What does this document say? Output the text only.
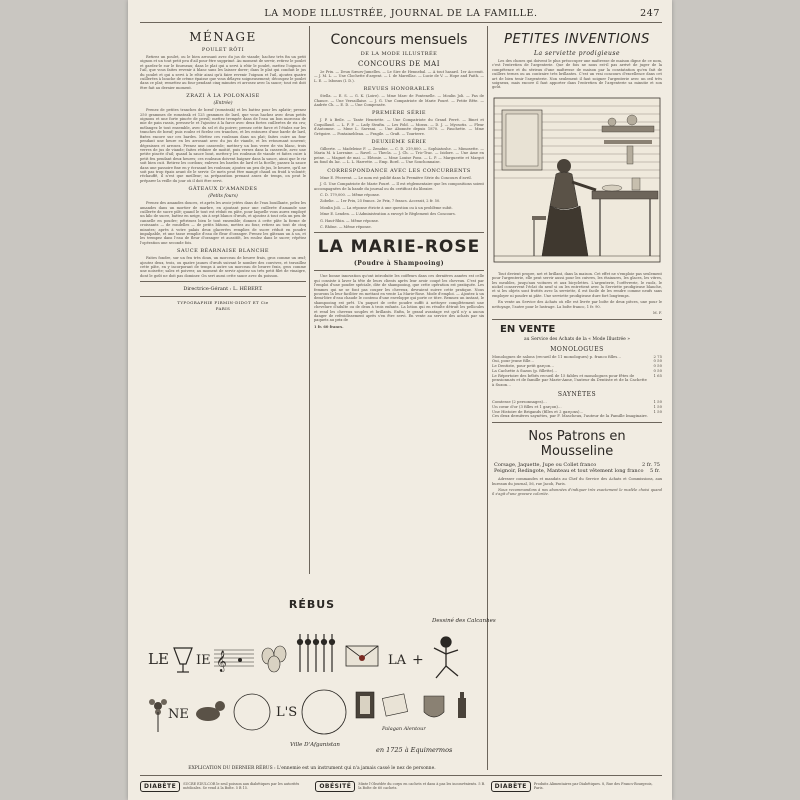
LA MODE ILLUSTRÉE, JOURNAL DE LA FAMILLE.	247
MÉNAGE
POULET RÔTI
Retirez un poulet, ou le bien arrosant avec du jus de viande; hachez très fin un petit oignon et un tout petit peu d'ail pour être supprimé. Au moment de servir, retirez le poulet et gardez-le sur le fourneau; dans le plat qui a servi à rôtir le poulet, mettez l'oignon et l'ail, que vous faites revenir à blanc sans les laisser dorer; dans le plat qui conduit le jus du poulet et qui a servi à le rôtir ainsi qu'à faire revenir l'oignon et l'ail, ajoutez quatre cuillerées à bouche de crème épaisse que vous délayez soigneusement; découpez le poulet dans ce plat; remettez au four pendant cinq minutes et arrosez avec la sauce; tout est doit être fait au dernier moment.
ZRAZI À LA POLONAISE
(Entrée)
Prenez de petites tranches de bœuf (romsteak) et les battez pour les aplatir; prenez 250 grammes de romsteak et 125 grammes de lard, que vous hachez avec deux petits oignons et une forte pincée de persil; mettez trempée dans de l'eau un bon morceau de mie de pain rassis, pressez-le et l'ajoutez à la farce avec deux fortes cuillerées de riz cru; mélangez le tout ensemble, avec du sel et du poivre; prenez cette farce et l'étalez sur les tranches de bœuf; puis roulez et ficelez ces tranches, et les entourez d'une barde de lard, fixées encore sur ces bardes. Mettez ces rouleaux dans un plat; faites cuire au four pendant une heure en les arrosant avec du jus de viande, et les retournant souvent; dégraissez et arrosez. Prenez une casserole; mettez-y un bon verre de vin blanc, trois verres de jus de viande; faites réduire de moitié, puis versez dans la casserole, avec une petite pincée d'ail; quand la sauce bout, mettez-y les rouleaux de viande et faites cuire à petit feu pendant deux heures; ces rouleaux doivent baigner dans la sauce, ainsi que le riz soit bien cuit. Retirez les cordons; enlevez les bardes de lard et la ficelle; passez la sauce dans une passoire fine en y écrasant les rouleaux; ajoutez un peu de jus, le beurre, qu'il ne soit pas trop épais avant de le servir. Ce mets peut être mangé chaud ou froid à volonté; réchauffé, il n'est que meilleur; sa préparation prenant assez de temps, on peut le préparer la veille du jour où il doit être servi.
GÂTEAUX D'AMANDES
(Petits fours)
Prenez des amandes douces, et après les avoir jetées dans de l'eau bouillante, pelez les amandes dans un mortier de marbre, en ajoutant pour une cuillerée d'amande une cuillerée de sucre pilé; quand le tout est réduit en pâte, pour laquelle vous aurez employé un kilo de sucre, battez en neige, six à sept blancs d'œufs, et ajoutez à tout cela un peu de cannelle en poudre; pétrissez bien le tout ensemble; donnez à cette pâte la forme de croissants — de rondelles — de petits bâtons, mettez au four, retirez au tout de cinq minutes; après à votre palais deux glacerées remplies de sucre réduit en poudre impalpable, et une tasse remplie d'eau de fleur d'oranger. Prenez les gâteaux un à un, et les trempez dans l'eau de fleur d'oranger et aussitôt, les roulez dans le sucre; répétez l'opération une seconde fois.
SAUCE BÉARNAISE BLANCHE
Faites fondre, sur un feu très doux, un morceau de beurre frais, gros comme un œuf; ajoutez deux, trois, ou quatre jaunes d'œufs suivant le nombre des convives, et travaillez cette pâte, en y incorporant de temps à autre un morceau de beurre frais, gros comme une noisette; salez et poivrez; au moment de servir ajoutez un très petit filet de vinaigre, dont le goût ne doit pas dominer. On sert aussi cette sauce avec du poisson.
Directrice-Gérant : L. HÉBERT.
TYPOGRAPHIE FIRMIN-DIDOT ET Cie
PARIS
Concours mensuels
DE LA MODE ILLUSTRÉE
CONCOURS DE MAI
2e Prix. — Deux Sœurs-Jumelles. — Le Sire de Hennebal. — A tout hasard. 1er Accessit. — J. M. L. — Une Clochette d'argent. — I. de Mareillac. — Lucie de V. — Hope and Faith. — L. E. — Isbosus (I. D.).
REVUES HONORABLES
Stella. — E. S. — G. K. (Loire). — Mme Marc de Fontenelle. — Moulin Joli. — Pas de Chance. — Une Versaillaise. — J. G. Une Compatriote de Marie Fouré. — Petite Bête. — Andrée Ch. — E. D. — Une Compensée.
PREMIÈRE SÉRIE
J. P. à Beile. — Tante Henriette. — Une Compatriote du Grand Ferré. — Binet et Coquillaud. — L. F. P. — Lady Strafin. — Les Fold. — Mossu. — D. J. — Myosotis. — Fleur d'Automne. — Mme L. Savrani. — Une Abonnée depuis 1870. — Fauchette. — Mme Grégoire. — Fontainebleau. — Fragile. — Grafi. — Tourterre.
DEUXIÈME SÉRIE
Gilberte. — Madeleine F. — Zenobie. — C. D. 219,800. — Sophiatoshe. — Mimosette. — Maria M. à Lorraine. — Ravel. — Thecla. — J. Ch. — Tric-Trac. — Isidore. — Une Ame en peine. — Magnet de mai. — Eléonie. — Mme Louise Pons. — L. P. — Marguerite et Margot au fond du lac. — L. L. Harrette. — Emp. Bord. — Une Souchonnaise.
CORRESPONDANCE AVEC LES CONCURRENTS
Mme E. Pécerent. — Le nom est publié dans la Première Série du Concours d'avril.
J. G. Une Compatriote de Marie Fouré. — Il est réglementaire que les compositions soient accompagnées de la bande du journal ou du certificat du libraire.
C. D. 179,000. — Même réponse.
Zobelie. — 1er Prix, 25 francs. 2e Prix, 7 francs. Accessit, 2 fr. 50.
Moulin Joli. — La réponse étricte à une question ou à un problème subit.
Mme E. Lenden. — L'Administration a envoyé le Règlement des Concours.
G. Haut-Rhin. — Même réponse.
C. Rhône. — Même réponse.
LA MARIE-ROSE
(Poudre à Shampooing)
Une bonne innovation qu'ont introduite les coiffeurs dans ces dernières années est celle qui consiste à laver la tête de leurs clients après leur avoir coupé les cheveux. C'est par l'emploi d'une poudre spéciale, dite de shampooing, que cette opération est pratiquée. Les femmes qui ne se font pas couper les cheveux, devraient suivre cette pratique. Nous pouvons la leur faciliter en mettant en vente La Marie-Rose. Mode d'emploi. — Ajoutez à un demi-litre d'eau chaude le contenu d'une enveloppe qui porte ce titre. Remuez un instant, le shampooing est prêt. Un paquet de cette poudre suffit à nettoyer complètement une chevelure d'adulte ou de deux à trois enfants. La lotion qui en résulte détruit les pellicules et rend les cheveux souples et brillants. Enfin, le grand avantage est qu'il n'y a aucun danger de refroidissement après s'en être servi. En vente au service des achats par six paquets au prix de
1 fr. 60 francs.
PETITES INVENTIONS
La serviette prodigieuse
Les des choses qui doivent le plus préoccuper une maîtresse de maison digne de ce nom, c'est l'entretien de l'argenterie. Que de fois ne nous est-il pas arrivé de juger de la compétence et du sérieux d'une maîtresse de maison par la constatation qu'en fait de cuillers ternes ou au contraire très brillantes. C'est un vrai concours d'excellence dans cet art de bien tenir l'argenterie. Non seulement il faut soigner l'argenterie avec un œil très soigneux, mais encore il faut apporter dans l'entretien de l'argenterie sa minutie et son goût.
Tout devient propre, net et brillant, dans la maison. Cet effet ne s'emploie pas seulement pour l'argenterie, elle peut servir aussi pour les cuivres, les étainures, les glaces, les vitres, les meubles, jusqu'aux voitures et aux bicyclettes. L'argenterie, l'orfèvrerie, le ruolz, le nickel conservent l'éclat du neuf si on les entretient avec la Serviette prodigieuse blanche, et si les objets sont frottés avec la serviette, il est facile de les rendre comme neufs sans employer ni poudre ni pâte. Une serviette prodigieuse dure fort longtemps.
En vente au Service des Achats où elle est livrée par boîte de deux pièces, une pour le nettoyage, l'autre pour le lustrage. La boîte franco, 1 fr. 90.
M. F.
EN VENTE
au Service des Achats de la « Mode Illustrée »
MONOLOGUES
Monologues de salons (recueil de 11 monologues) p. franco filles…	2 75
Oui, pour jeune fille…	0 50
Le Dentiste, pour petit garçon…	0 50
La Cachette à Suzon (p. fillette)…	0 50
Le Répertoire des bébés recueil de 15 fables et monologues pour fêtes de pensionnats et de famille par Marie-Anne, l'auteur du Dentiste et de la Cachette à Suzon…
1 65
SAYNÈTES
Comtesse (2 personnages)…	1 50
Un cœur d'or (3 filles et 1 garçon)…	1 50
Une Histoire de Brigands (filles et 2 garçons)…	1 50
Ces deux dernières saynètes, par F. Mascheux, l'auteur de la Famille Imaginaire.
Nos Patrons en Mousseline
Corsage, Jaquette, Jupe ou Collet franco	2 fr. 75
Peignoir, Redingote, Manteau et tout vêtement long franco 5 fr.
Adresser commandes et mandats au Chef du Service des Achats et Commissions, aux bureaux du journal, 56, rue Jacob, Paris.
Nous recommandons à nos abonnées d'indiquer très exactement le modèle choisi quand il s'agit d'une gravure coloriée.
RÉBUS
LE IE 𝄞	LA +
Dessiné des Calcanhes
NE	L'S
Ville D'Afganistan
Palagan Alentour
en 1725 à Equimermos
EXPLICATION DU DERNIER RÉBUS : L'ennemie est un instrument qui n'a jamais cassé le nez de personne.
DIABÈTE	SUCRE EDULCOR le seul poisson aux diabétiques par les autorités médicales. Se vend à la Boîte. 5 B 15.	OBÉSITÉ	Mixte l'Obsédée du corps en cachets et dans à pas les inconvénients. 5 B. la Boîte de 60 cachets.	DIABÈTE	Produits Alimentaires par Diabétiques. 8, Rue des Francs-Bourgeois, Paris.
